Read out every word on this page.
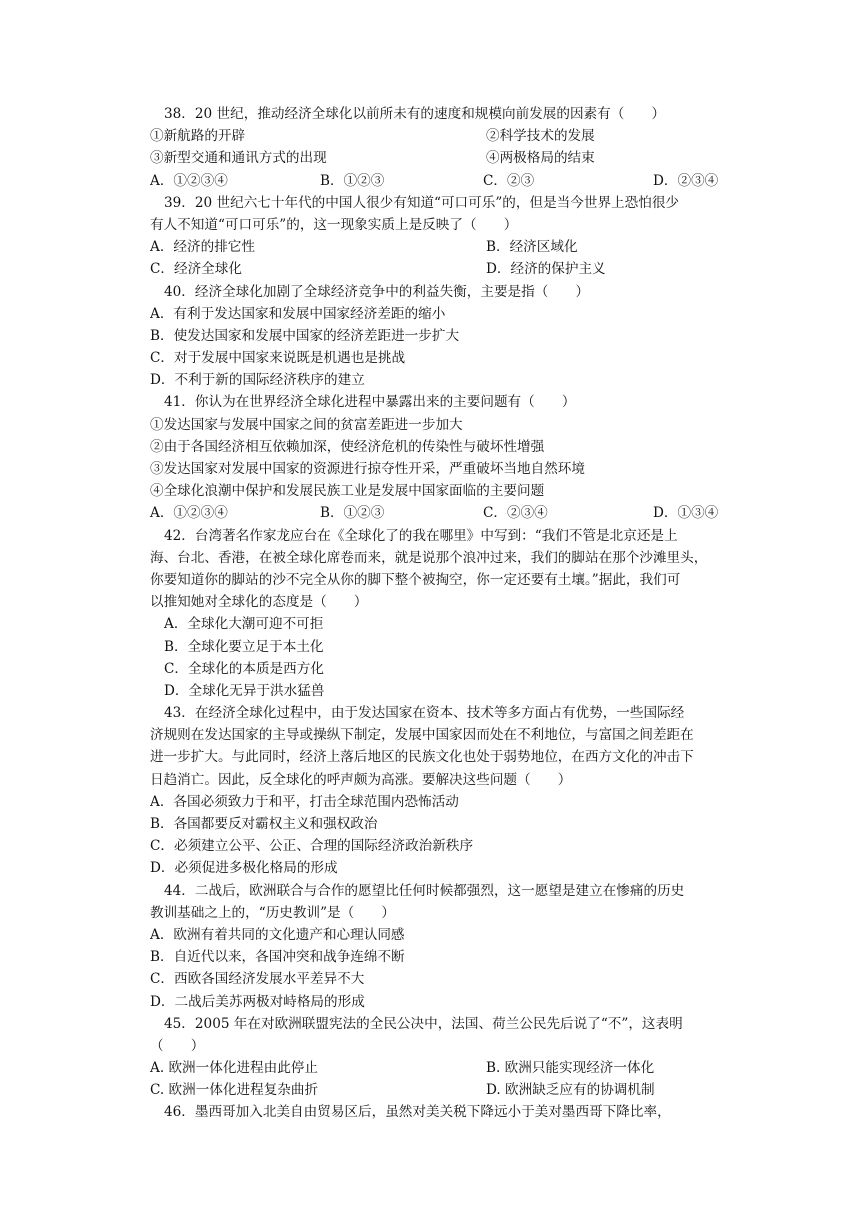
38．20 世纪，推动经济全球化以前所未有的速度和规模向前发展的因素有（　　）
①新航路的开辟	②科学技术的发展
③新型交通和通讯方式的出现	④两极格局的结束
A．①②③④	B．①②③	C．②③	D．②③④
39．20 世纪六七十年代的中国人很少有知道“可口可乐”的，但是当今世界上恐怕很少
有人不知道“可口可乐”的，这一现象实质上是反映了（　　）
A．经济的排它性	B．经济区域化
C．经济全球化	D．经济的保护主义
40．经济全球化加剧了全球经济竞争中的利益失衡，主要是指（　　）
A．有利于发达国家和发展中国家经济差距的缩小
B．使发达国家和发展中国家的经济差距进一步扩大
C．对于发展中国家来说既是机遇也是挑战
D．不利于新的国际经济秩序的建立
41．你认为在世界经济全球化进程中暴露出来的主要问题有（　　）
①发达国家与发展中国家之间的贫富差距进一步加大
②由于各国经济相互依赖加深，使经济危机的传染性与破坏性增强
③发达国家对发展中国家的资源进行掠夺性开采，严重破坏当地自然环境
④全球化浪潮中保护和发展民族工业是发展中国家面临的主要问题
A．①②③④	B．①②③	C．②③④	D．①③④
42．台湾著名作家龙应台在《全球化了的我在哪里》中写到：“我们不管是北京还是上
海、台北、香港，在被全球化席卷而来，就是说那个浪冲过来，我们的脚站在那个沙滩里头，
你要知道你的脚站的沙不完全从你的脚下整个被掏空，你一定还要有土壤。”据此，我们可
以推知她对全球化的态度是（　　）
A．全球化大潮可迎不可拒
B．全球化要立足于本土化
C．全球化的本质是西方化
D．全球化无异于洪水猛兽
43．在经济全球化过程中，由于发达国家在资本、技术等多方面占有优势，一些国际经
济规则在发达国家的主导或操纵下制定，发展中国家因而处在不利地位，与富国之间差距在
进一步扩大。与此同时，经济上落后地区的民族文化也处于弱势地位，在西方文化的冲击下
日趋消亡。因此，反全球化的呼声颇为高涨。要解决这些问题（　　）
A．各国必须致力于和平，打击全球范围内恐怖活动
B．各国都要反对霸权主义和强权政治
C．必须建立公平、公正、合理的国际经济政治新秩序
D．必须促进多极化格局的形成
44．二战后，欧洲联合与合作的愿望比任何时候都强烈，这一愿望是建立在惨痛的历史
教训基础之上的，“历史教训”是（　　）
A．欧洲有着共同的文化遗产和心理认同感
B．自近代以来，各国冲突和战争连绵不断
C．西欧各国经济发展水平差异不大
D．二战后美苏两极对峙格局的形成
45．2005 年在对欧洲联盟宪法的全民公决中，法国、荷兰公民先后说了“不”，这表明
（　　）
A. 欧洲一体化进程由此停止	B. 欧洲只能实现经济一体化
C. 欧洲一体化进程复杂曲折	D. 欧洲缺乏应有的协调机制
46．墨西哥加入北美自由贸易区后，虽然对美关税下降远小于美对墨西哥下降比率，
